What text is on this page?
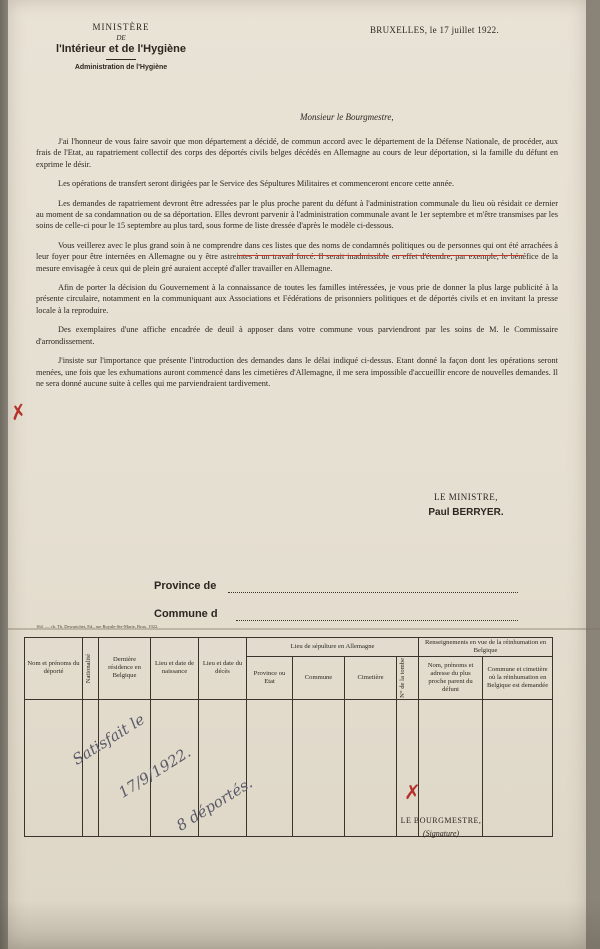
MINISTÈRE
DE
l'Intérieur et de l'Hygiène
Administration de l'Hygiène
BRUXELLES, le 17 juillet 1922.
Monsieur le Bourgmestre,

J'ai l'honneur de vous faire savoir que mon département a décidé, de commun accord avec le département de la Défense Nationale, de procéder, aux frais de l'Etat, au rapatriement collectif des corps des déportés civils belges décédés en Allemagne au cours de leur déportation, si la famille du défunt en exprime le désir.

Les opérations de transfert seront dirigées par le Service des Sépultures Militaires et commenceront encore cette année.

Les demandes de rapatriement devront être adressées par le plus proche parent du défunt à l'administration communale du lieu où résidait ce dernier au moment de sa condamnation ou de sa déportation. Elles devront parvenir à l'administration communale avant le 1er septembre et m'être transmises par les soins de celle-ci pour le 15 septembre au plus tard, sous forme de liste dressée d'après le modèle ci-dessous.

Vous veillerez avec le plus grand soin à ne comprendre dans ces listes que des noms de condamnés politiques ou de personnes qui ont été arrachées à leur foyer pour être internées en Allemagne ou y être astreintes à un travail forcé. Il serait inadmissible en effet d'étendre, par exemple, le bénéfice de la mesure envisagée à ceux qui de plein gré auraient accepté d'aller travailler en Allemagne.

Afin de porter la décision du Gouvernement à la connaissance de toutes les familles intéressées, je vous prie de donner la plus large publicité à la présente circulaire, notamment en la communiquant aux Associations et Fédérations de prisonniers politiques et de déportés civils et en invitant la presse locale à la reproduire.

Des exemplaires d'une affiche encadrée de deuil à apposer dans votre commune vous parviendront par les soins de M. le Commissaire d'arrondissement.

J'insiste sur l'importance que présente l'introduction des demandes dans le délai indiqué ci-dessus. Etant donné la façon dont les opérations seront menées, une fois que les exhumations auront commencé dans les cimetières d'Allemagne, il me sera impossible d'accueillir encore de nouvelles demandes. Il ne sera donné aucune suite à celles qui me parviendraient tardivement.

✗
LE MINISTRE,
Paul BERRYER.
Province de
Commune d
164. — ch. Th. Dewarichet, Ed., rue Royale-Ste-Marie, Brux. 1922.
Nom et prénoms du déporté	Nationalité	Dernière résidence en Belgique	Lieu et date de naissance	Lieu et date du décès	Lieu de sépulture en Allemagne				Renseignements en vue de la réinhumation en Belgique	
					Province ou Etat	Commune	Cimetière	N° de la tombe	Nom, prénoms et adresse du plus proche parent du défunt	Commune et cimetière où la réinhumation en Belgique est demandée

Satisfait le
17/9/1922.
8 déportés.	✗
LE BOURGMESTRE,
(Signature)
